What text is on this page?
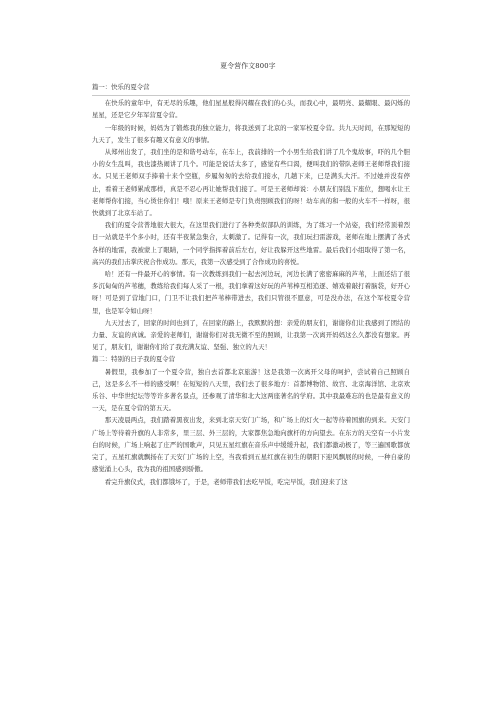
夏令营作文800字

篇一：快乐的夏令营

在快乐的童年中，有无尽的乐趣，他们星星般得闪耀在我们的心头，而我心中，最明亮、最耀眼、最闪烁的星星，还是它夕年军营夏令营。

一年级的时候，妈妈为了锻炼我的独立能力，将我送到了北京的一家军校夏令营。共九天时间，在那短短的九天了，发生了很多有趣又有意义的事情。

从郑州出发了，我们坐的是和谐号动车，在车上，我前排的一个小男生给我们讲了几个鬼故事，吓的几个胆小的女生乱叫，我也漆热闹讲了几个。可能是说话太多了，感觉有些口渴，便叫我们的带队老师王老师帮我们接水。只见王老师双手捧着十来个空瓶，步履匆匆的去给我们接水，几趟下来，已是满头大汗。不过她并没有停止，看着王老师累成那样，真是不忍心再让她帮我们接了。可是王老师却说：小朋友们别乱下座位，想喝水让王老师帮你们接，当心烫住你们！哦！原来王老师是专门负责照顾我们的呀！幼车真的和一般的火车不一样呀，很快就到了北京车站了。

我们的夏令营普地很大很大，在这里我们进行了各种类似部队的训练，为了练习一个站姿，我们经常顶着烈日一站就是半个多小时，还有半夜紧急集合，太刺激了。记得有一次，我们玩扫雷游戏，老师在地上摆满了各式各样的地雷，我被蒙上了眼睛，一个同学指挥着前后左右，好让我躲开这些地雷。最后我们小组取得了第一名，高兴的我们击掌庆祝合作成功。那天，我第一次感受到了合作成功的喜悦。

哈！还有一件最开心的事情。有一次教练到我们一起去河边玩，河边长满了密密麻麻的芦苇，上面还结了很多沉甸甸的芦苇穗，教练给我们每人采了一根，我们拿着这好玩的芦苇棒互相追逐、嬉戏着敲打着脑袋，好开心呀！可是到了营地门口，门卫不让我们把芦苇棒带进去，我们只管很不愿意，可是没办法，在这个军校夏令营里，也是军令如山呀！

九天过去了，回家的时间也到了，在回家的路上，我默默的想：亲爱的朋友们，谢谢你们让我感到了团结的力量、友谊的真诚。亲爱的老师们，谢谢你们对我无微不至的照顾，让我第一次离开妈妈这么久都没有想家。再见了，朋友们，谢谢你们给了我充满友谊、坚强、独立的九天！

篇二：特别的日子我的夏令营

暑假里，我参加了一个夏令营，独自去首都北京旅游！这是我第一次离开父母的呵护，尝试着自己照顾自己，这是多么不一样的感受啊！在短短的八天里，我们去了很多地方：首都博物馆、故宫、北京海洋馆、北京欢乐谷、中华世纪坛等等许多著名景点，还参观了清华和北大这两座著名的学府。其中我最难忘的也是最有意义的一天，是在夏令营的第五天。

那天凌晨两点，我们踏着黑夜出发，来到北京天安门广场，和广场上的灯火一起等待着国旗的到来。天安门广场上等待着升旗的人非常多，里三层、外三层的，大家都焦急地向旗杆的方向望去。在东方的天空有一小片发白的时候，广场上响起了庄严的国歌声，只见五星红旗在音乐声中缓缓升起，我们都激动极了，等三遍国歌都放完了，五星红旗就飘扬在了天安门广场的上空，当我看到五星红旗在初生的朝阳下迎风飘展的时候，一种自豪的感觉涌上心头，我为我的祖国感到骄傲。

看完升旗仪式，我们都饿坏了，于是，老师带我们去吃早饭，吃完早饭，我们迎来了这
